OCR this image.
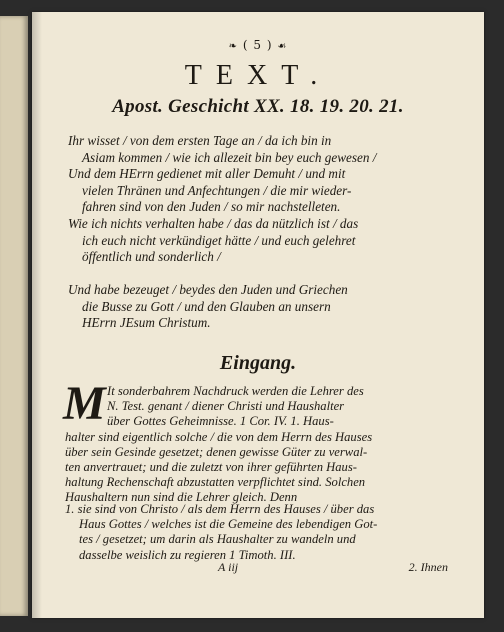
❧ ( 5 ) ☙
TEXT.
Apost. Geschicht XX. 18. 19. 20. 21.
Ihr wisset / von dem ersten Tage an / da ich bin in
Asiam kommen / wie ich allezeit bin bey euch gewesen /
Und dem HErrn gedienet mit aller Demuht / und mit
vielen Thränen und Anfechtungen / die mir wieder-
fahren sind von den Juden / so mir nachstelleten.
Wie ich nichts verhalten habe / das da nützlich ist / das
ich euch nicht verkündiget hätte / und euch gelehret
öffentlich und sonderlich /
Und habe bezeuget / beydes den Juden und Griechen
die Busse zu Gott / und den Glauben an unsern
HErrn JEsum Christum.
Eingang.
M It sonderbahrem Nachdruck werden die Lehrer des
N. Test. genant / diener Christi und Haushalter
über Gottes Geheimnisse. 1 Cor. IV. 1. Haus-
halter sind eigentlich solche / die von dem Herrn des Hauses
über sein Gesinde gesetzet; denen gewisse Güter zu verwal-
ten anvertrauet; und die zuletzt von ihrer geführten Haus-
haltung Rechenschaft abzustatten verpflichtet sind. Solchen
Haushaltern nun sind die Lehrer gleich. Denn
1. sie sind von Christo / als dem Herrn des Hauses / über das
Haus Gottes / welches ist die Gemeine des lebendigen Got-
tes / gesetzet; um darin als Haushalter zu wandeln und
dasselbe weislich zu regieren 1 Timoth. III.
A iij	2. Ihnen
